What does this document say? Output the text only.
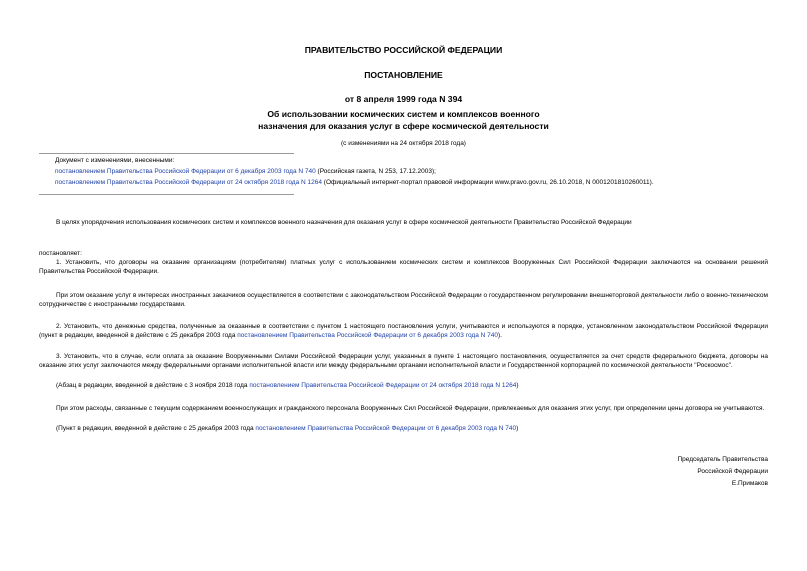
ПРАВИТЕЛЬСТВО РОССИЙСКОЙ ФЕДЕРАЦИИ
ПОСТАНОВЛЕНИЕ
от 8 апреля 1999 года N 394
Об использовании космических систем и комплексов военного
назначения для оказания услуг в сфере космической деятельности
(с изменениями на 24 октября 2018 года)
Документ с изменениями, внесенными:
постановлением Правительства Российской Федерации от 6 декабря 2003 года N 740 (Российская газета, N 253, 17.12.2003);
постановлением Правительства Российской Федерации от 24 октября 2018 года N 1264 (Официальный интернет-портал правовой информации www.pravo.gov.ru, 26.10.2018, N 0001201810260011).
В целях упорядочения использования космических систем и комплексов военного назначения для оказания услуг в сфере космической деятельности Правительство Российской Федерации
постановляет:
1. Установить, что договоры на оказание организациям (потребителям) платных услуг с использованием космических систем и комплексов Вооруженных Сил Российской Федерации заключаются на основании решений Правительства Российской Федерации.
При этом оказание услуг в интересах иностранных заказчиков осуществляется в соответствии с законодательством Российской Федерации о государственном регулировании внешнеторговой деятельности либо о военно-техническом сотрудничестве с иностранными государствами.
2. Установить, что денежные средства, полученные за оказанные в соответствии с пунктом 1 настоящего постановления услуги, учитываются и используются в порядке, установленном законодательством Российской Федерации (пункт в редакции, введенной в действие с 25 декабря 2003 года постановлением Правительства Российской Федерации от 6 декабря 2003 года N 740).
3. Установить, что в случае, если оплата за оказание Вооруженными Силами Российской Федерации услуг, указанных в пункте 1 настоящего постановления, осуществляется за счет средств федерального бюджета, договоры на оказание этих услуг заключаются между федеральными органами исполнительной власти или между федеральными органами исполнительной власти и Государственной корпорацией по космической деятельности "Роскосмос".
(Абзац в редакции, введенной в действие с 3 ноября 2018 года постановлением Правительства Российской Федерации от 24 октября 2018 года N 1264)
При этом расходы, связанные с текущим содержанием военнослужащих и гражданского персонала Вооруженных Сил Российской Федерации, привлекаемых для оказания этих услуг, при определении цены договора не учитываются.
(Пункт в редакции, введенной в действие с 25 декабря 2003 года постановлением Правительства Российской Федерации от 6 декабря 2003 года N 740)
Председатель Правительства
Российской Федерации
Е.Примаков
